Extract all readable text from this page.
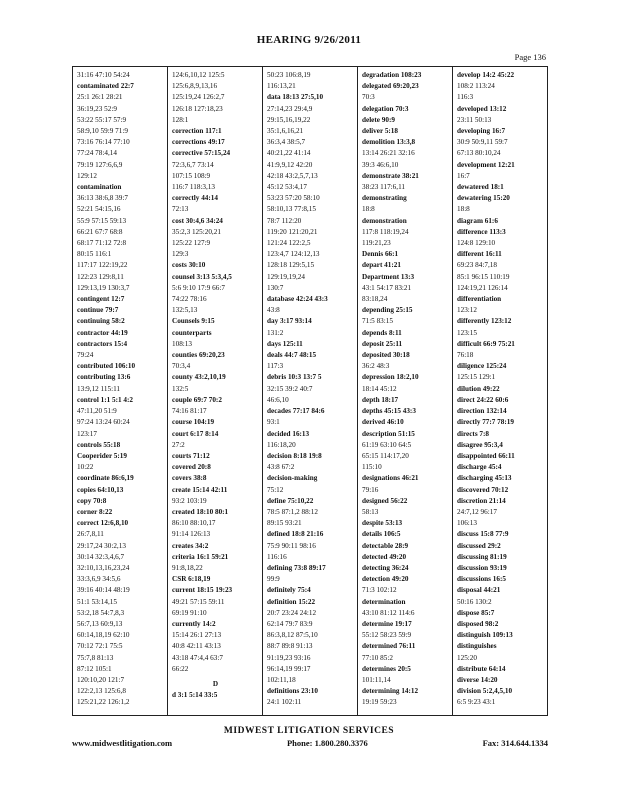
HEARING 9/26/2011
Page 136
31:16 47:10 54:24
contaminated 22:7
25:1 26:1 28:21
36:19,23 52:9
53:22 55:17 57:9
58:9,10 59:9 71:9
73:16 76:14 77:10
77:24 78:4,14
79:19 127:6,6,9
129:12
contamination
36:13 38:6,8 39:7
52:21 54:15,16
55:9 57:15 59:13
66:21 67:7 68:8
68:17 71:12 72:8
80:15 116:1
117:17 122:19,22
122:23 129:8,11
129:13,19 130:3,7
contingent 12:7
continue 79:7
continuing 58:2
contractor 44:19
contractors 15:4
79:24
contributed 106:10
contributing 13:6
13:9,12 115:11
control 1:1 5:1 4:2
47:11,20 51:9
97:24 13:24 60:24
123:17
controls 55:18
Cooperider 5:19
10:22
coordinate 86:6,19
copies 64:10,13
copy 70:8
corner 8:22
correct 12:6,8,10
26:7,8,11
29:17,24 30:2,13
30:14 32:3,4,6,7
32:10,13,16,23,24
33:3,6,9 34:5,6
39:16 40:14 48:19
51:1 53:14,15
53:2,18 54:7,8,3
56:7,13 60:9,13
60:14,18,19 62:10
70:12 72:1 75:5
75:7,8 81:13
87:12 105:1
120:10,20 121:7
122:2,13 125:6,8
125:21,22 126:1,2
124:6,10,12 125:5
125:6,8,9,13,16
125:19,24 126:2,7
126:18 127:18,23
128:1
correction 117:1
corrections 49:17
corrective 57:15,24
72:3,6,7 73:14
107:15 108:9
116:7 118:3,13
correctly 44:14
72:13
cost 30:4,6 34:24
35:2,3 125:20,21
125:22 127:9
129:3
costs 30:10
counsel 3:13 5:3,4,5
5:6 9:10 17:9 66:7
74:22 78:16
132:5,13
Counsels 9:15
counterparts
108:13
counties 69:20,23
70:3,4
county 43:2,10,19
132:5
couple 69:7 70:2
74:16 81:17
course 104:19
court 6:17 8:14
27:2
courts 71:12
covered 20:8
covers 38:8
create 15:14 42:11
93:2 103:19
created 18:10 80:1
86:10 88:10,17
91:14 126:13
creates 34:2
criteria 16:1 59:21
91:8,18,22
CSR 6:18,19
current 18:15 19:23
49:21 57:15 59:11
69:19 91:10
currently 14:2
15:14 26:1 27:13
40:8 42:11 43:13
43:18 47:4,4 63:7
66:22
D
d 3:1 5:14 33:5
50:23 106:8,19
116:13,21
data 18:13 27:5,10
27:14,23 29:4,9
29:15,16,19,22
35:1,6,16,21
36:3,4 38:5,7
40:21,22 41:14
41:9,9,12 42:20
42:18 43:2,5,7,13
45:12 53:4,17
53:23 57:20 58:10
58:10,13 77:8,15
78:7 112:20
119:20 121:20,21
121:24 122:2,5
123:4,7 124:12,13
128:18 129:5,15
129:19,19,24
130:7
database 42:24 43:3
43:8
day 3:17 93:14
131:2
days 125:11
deals 44:7 48:15
117:3
debris 10:3 13:7 5
32:15 39:2 40:7
46:6,10
decades 77:17 84:6
93:1
decided 16:13
116:18,20
decision 8:18 19:8
43:8 67:2
decision-making
75:12
define 75:10,22
78:5 87:1,2 88:12
89:15 93:21
defined 18:8 21:16
75:9 90:11 98:16
116:16
defining 73:8 89:17
99:9
definitely 75:4
definition 15:22
20:7 23:24 24:12
62:14 79:7 83:9
86:3,8,12 87:5,10
88:7 89:8 91:13
91:19,23 93:16
96:14,19 99:17
102:11,18
definitions 23:10
24:1 102:11
degradation 108:23
delegated 69:20,23
70:3
delegation 70:3
delete 90:9
deliver 5:18
demolition 13:3,8
13:14 26:21 32:16
39:3 46:6,10
demonstrate 38:21
38:23 117:6,11
demonstrating
18:8
demonstration
117:8 118:19,24
119:21,23
Dennis 66:1
depart 41:21
Department 13:3
43:1 54:17 83:21
83:18,24
depending 25:15
71:5 83:15
depends 8:11
deposit 25:11
deposited 30:18
36:2 48:3
depression 18:2,10
18:14 45:12
depth 18:17
depths 45:15 43:3
derived 46:10
description 51:15
61:19 63:10 64:5
65:15 114:17,20
115:10
designations 46:21
79:16
designed 56:22
58:13
despite 53:13
details 106:5
detectable 28:9
detected 49:20
detecting 36:24
detection 49:20
71:3 102:12
determination
43:10 81:12 114:6
determine 19:17
55:12 58:23 59:9
determined 76:11
77:10 85:2
determines 20:5
101:11,14
determining 14:12
19:19 59:23
develop 14:2 45:22
108:2 113:24
116:3
developed 13:12
23:11 50:13
developing 16:7
30:9 50:9,11 59:7
67:13 80:10,24
development 12:21
16:7
dewatered 18:1
dewatering 15:20
18:8
diagram 61:6
difference 113:3
124:8 129:10
different 16:11
69:23 84:7,18
85:1 96:15 110:19
124:19,21 126:14
differentiation
123:12
differently 123:12
123:15
difficult 66:9 75:21
76:18
diligence 125:24
125:15 129:1
dilution 49:22
direct 24:22 60:6
direction 132:14
directly 77:7 78:19
directs 7:8
disagree 95:3,4
disappointed 66:11
discharge 45:4
discharging 45:13
discovered 70:12
discretion 21:14
24:7,12 96:17
106:13
discuss 15:8 77:9
discussed 29:2
discussing 81:19
discussion 93:19
discussions 16:5
disposal 44:21
50:16 130:2
dispose 85:7
disposed 98:2
distinguish 109:13
distinguishes
125:20
distribute 64:14
diverse 14:20
division 5:2,4,5,10
6:5 9:23 43:1
MIDWEST LITIGATION SERVICES
www.midwestlitigation.com	Phone: 1.800.280.3376	Fax: 314.644.1334
